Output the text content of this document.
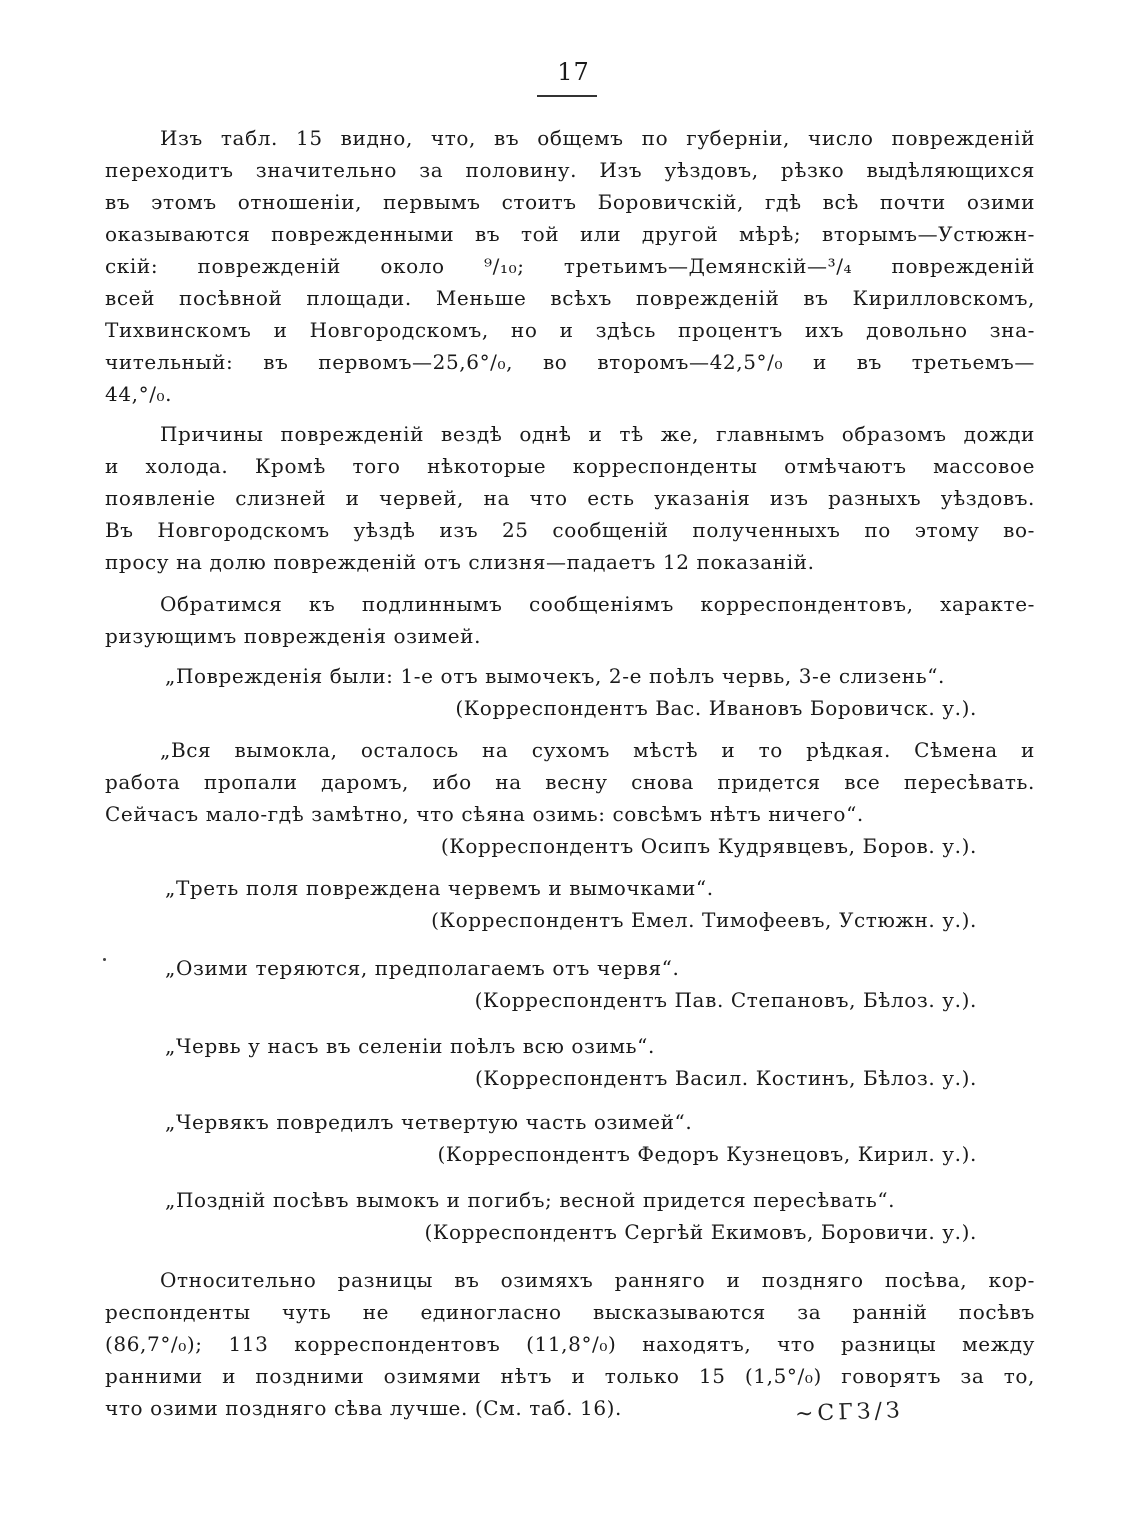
17
Изъ табл. 15 видно, что, въ общемъ по губерніи, число поврежденій
переходитъ значительно за половину. Изъ уѣздовъ, рѣзко выдѣляющихся
въ этомъ отношеніи, первымъ стоитъ Боровичскій, гдѣ всѣ почти озими
оказываются поврежденными въ той или другой мѣрѣ; вторымъ—Устюжн-
скій: поврежденій около ⁹/₁₀; третьимъ—Демянскій—³/₄ поврежденій
всей посѣвной площади. Меньше всѣхъ поврежденій въ Кирилловскомъ,
Тихвинскомъ и Новгородскомъ, но и здѣсь процентъ ихъ довольно зна-
чительный: въ первомъ—25,6°/₀, во второмъ—42,5°/₀ и въ третьемъ—
44,°/₀.
Причины поврежденій вездѣ однѣ и тѣ же, главнымъ образомъ дожди
и холода. Кромѣ того нѣкоторые корреспонденты отмѣчаютъ массовое
появленіе слизней и червей, на что есть указанія изъ разныхъ уѣздовъ.
Въ Новгородскомъ уѣздѣ изъ 25 сообщеній полученныхъ по этому во-
просу на долю поврежденій отъ слизня—падаетъ 12 показаній.
Обратимся къ подлиннымъ сообщеніямъ корреспондентовъ, характе-
ризующимъ поврежденія озимей.
„Поврежденія были: 1-е отъ вымочекъ, 2-е поѣлъ червь, 3-е слизень“.
(Корреспондентъ Вас. Ивановъ Боровичск. у.).
„Вся вымокла, осталось на сухомъ мѣстѣ и то рѣдкая. Сѣмена и
работа пропали даромъ, ибо на весну снова придется все пересѣвать.
Сейчасъ мало-гдѣ замѣтно, что сѣяна озимь: совсѣмъ нѣтъ ничего“.
(Корреспондентъ Осипъ Кудрявцевъ, Боров. у.).
„Треть поля повреждена червемъ и вымочками“.
(Корреспондентъ Емел. Тимофеевъ, Устюжн. у.).
„Озими теряются, предполагаемъ отъ червя“.
(Корреспондентъ Пав. Степановъ, Бѣлоз. у.).
„Червь у насъ въ селеніи поѣлъ всю озимь“.
(Корреспондентъ Васил. Костинъ, Бѣлоз. у.).
„Червякъ повредилъ четвертую часть озимей“.
(Корреспондентъ Федоръ Кузнецовъ, Кирил. у.).
„Позднiй посѣвъ вымокъ и погибъ; весной придется пересѣвать“.
(Корреспондентъ Сергѣй Екимовъ, Боровичи. у.).
Относительно разницы въ озимяхъ ранняго и поздняго посѣва, кор-
респонденты чуть не единогласно высказываются за ранній посѣвъ
(86,7°/₀); 113 корреспондентовъ (11,8°/₀) находятъ, что разницы между
ранними и поздними озимями нѣтъ и только 15 (1,5°/₀) говорятъ за то,
что озими поздняго сѣва лучше. (См. таб. 16).	~СГЗ/З
